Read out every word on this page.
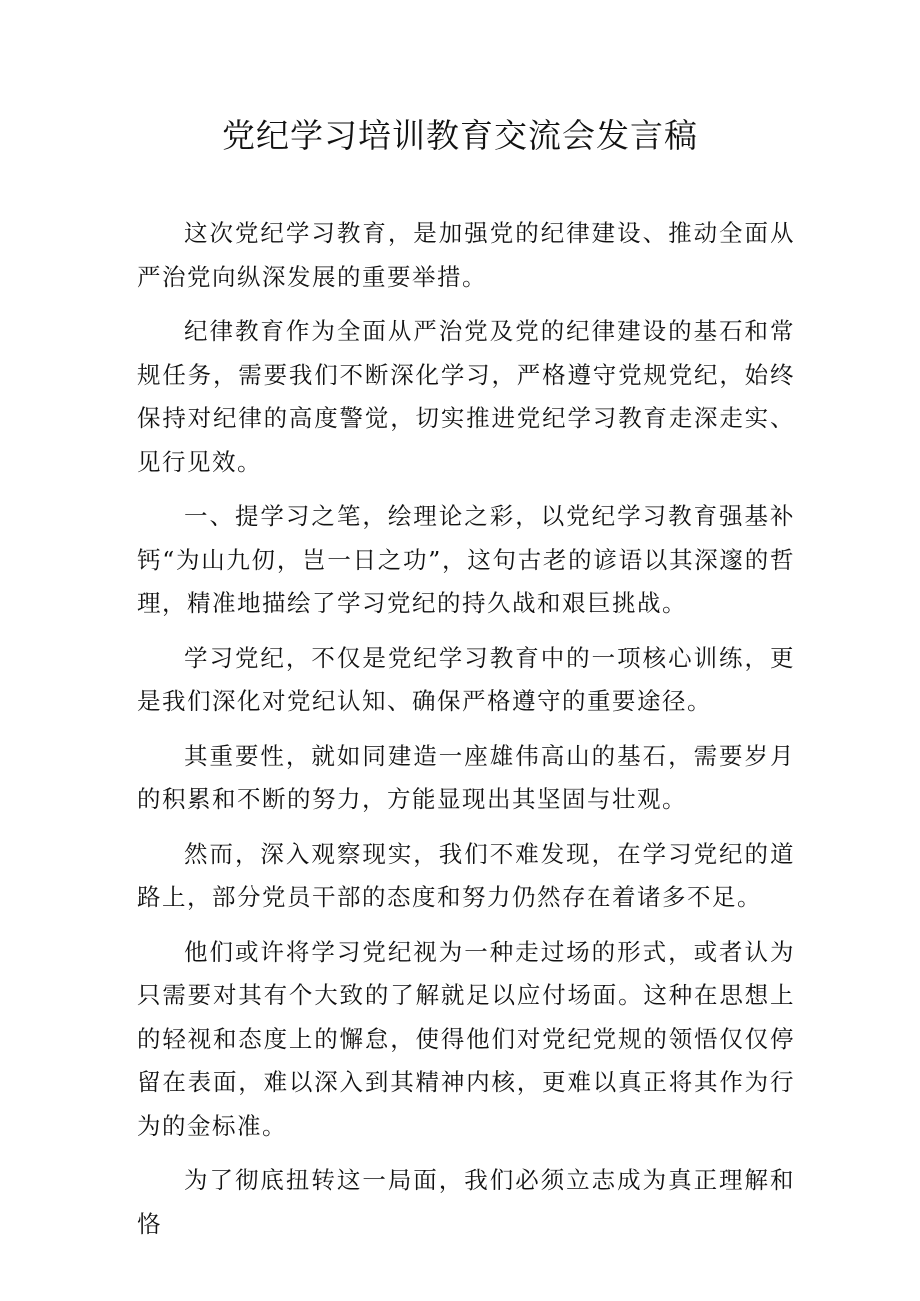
党纪学习培训教育交流会发言稿

这次党纪学习教育，是加强党的纪律建设、推动全面从严治党向纵深发展的重要举措。

纪律教育作为全面从严治党及党的纪律建设的基石和常规任务，需要我们不断深化学习，严格遵守党规党纪，始终保持对纪律的高度警觉，切实推进党纪学习教育走深走实、见行见效。

一、提学习之笔，绘理论之彩，以党纪学习教育强基补钙“为山九仞，岂一日之功”，这句古老的谚语以其深邃的哲理，精准地描绘了学习党纪的持久战和艰巨挑战。

学习党纪，不仅是党纪学习教育中的一项核心训练，更是我们深化对党纪认知、确保严格遵守的重要途径。

其重要性，就如同建造一座雄伟高山的基石，需要岁月的积累和不断的努力，方能显现出其坚固与壮观。

然而，深入观察现实，我们不难发现，在学习党纪的道路上，部分党员干部的态度和努力仍然存在着诸多不足。

他们或许将学习党纪视为一种走过场的形式，或者认为只需要对其有个大致的了解就足以应付场面。这种在思想上的轻视和态度上的懈怠，使得他们对党纪党规的领悟仅仅停留在表面，难以深入到其精神内核，更难以真正将其作为行为的金标准。

为了彻底扭转这一局面，我们必须立志成为真正理解和恪
